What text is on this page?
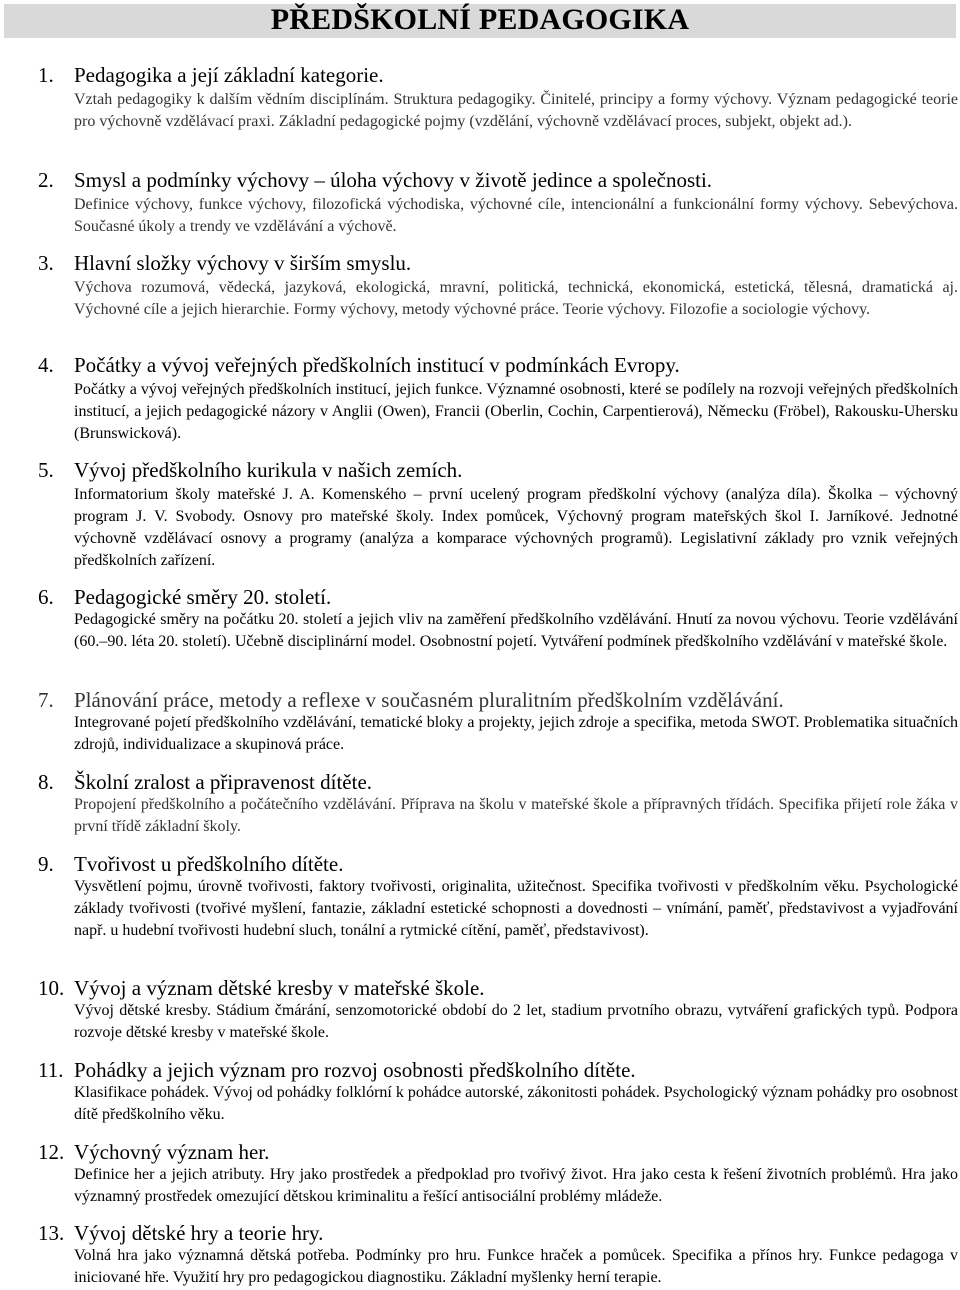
PŘEDŠKOLNÍ PEDAGOGIKA
1. Pedagogika a její základní kategorie.
Vztah pedagogiky k dalším vědním disciplínám. Struktura pedagogiky. Činitelé, principy a formy výchovy. Význam pedagogické teorie pro výchovně vzdělávací praxi. Základní pedagogické pojmy (vzdělání, výchovně vzdělávací proces, subjekt, objekt ad.).
2. Smysl a podmínky výchovy – úloha výchovy v životě jedince a společnosti.
Definice výchovy, funkce výchovy, filozofická východiska, výchovné cíle, intencionální a funkcionální formy výchovy. Sebevýchova. Současné úkoly a trendy ve vzdělávání a výchově.
3. Hlavní složky výchovy v širším smyslu.
Výchova rozumová, vědecká, jazyková, ekologická, mravní, politická, technická, ekonomická, estetická, tělesná, dramatická aj. Výchovné cíle a jejich hierarchie. Formy výchovy, metody výchovné práce. Teorie výchovy. Filozofie a sociologie výchovy.
4. Počátky a vývoj veřejných předškolních institucí v podmínkách Evropy.
Počátky a vývoj veřejných předškolních institucí, jejich funkce. Významné osobnosti, které se podílely na rozvoji veřejných předškolních institucí, a jejich pedagogické názory v Anglii (Owen), Francii (Oberlin, Cochin, Carpentierová), Německu (Fröbel), Rakousku-Uhersku (Brunswicková).
5. Vývoj předškolního kurikula v našich zemích.
Informatorium školy mateřské J. A. Komenského – první ucelený program předškolní výchovy (analýza díla). Školka – výchovný program J. V. Svobody. Osnovy pro mateřské školy. Index pomůcek, Výchovný program mateřských škol I. Jarníkové. Jednotné výchovně vzdělávací osnovy a programy (analýza a komparace výchovných programů). Legislativní základy pro vznik veřejných předškolních zařízení.
6. Pedagogické směry 20. století.
Pedagogické směry na počátku 20. století a jejich vliv na zaměření předškolního vzdělávání. Hnutí za novou výchovu. Teorie vzdělávání (60.–90. léta 20. století). Učebně disciplinární model. Osobnostní pojetí. Vytváření podmínek předškolního vzdělávání v mateřské škole.
7. Plánování práce, metody a reflexe v současném pluralitním předškolním vzdělávání.
Integrované pojetí předškolního vzdělávání, tematické bloky a projekty, jejich zdroje a specifika, metoda SWOT. Problematika situačních zdrojů, individualizace a skupinová práce.
8. Školní zralost a připravenost dítěte.
Propojení předškolního a počátečního vzdělávání. Příprava na školu v mateřské škole a přípravných třídách. Specifika přijetí role žáka v první třídě základní školy.
9. Tvořivost u předškolního dítěte.
Vysvětlení pojmu, úrovně tvořivosti, faktory tvořivosti, originalita, užitečnost. Specifika tvořivosti v předškolním věku. Psychologické základy tvořivosti (tvořivé myšlení, fantazie, základní estetické schopnosti a dovednosti – vnímání, paměť, představivost a vyjadřování např. u hudební tvořivosti hudební sluch, tonální a rytmické cítění, paměť, představivost).
10. Vývoj a význam dětské kresby v mateřské škole.
Vývoj dětské kresby. Stádium čmárání, senzomotorické období do 2 let, stadium prvotního obrazu, vytváření grafických typů. Podpora rozvoje dětské kresby v mateřské škole.
11. Pohádky a jejich význam pro rozvoj osobnosti předškolního dítěte.
Klasifikace pohádek. Vývoj od pohádky folklórní k pohádce autorské, zákonitosti pohádek. Psychologický význam pohádky pro osobnost dítě předškolního věku.
12. Výchovný význam her.
Definice her a jejich atributy. Hry jako prostředek a předpoklad pro tvořivý život. Hra jako cesta k řešení životních problémů. Hra jako významný prostředek omezující dětskou kriminalitu a řešící antisociální problémy mládeže.
13. Vývoj dětské hry a teorie hry.
Volná hra jako významná dětská potřeba. Podmínky pro hru. Funkce hraček a pomůcek. Specifika a přínos hry. Funkce pedagoga v iniciované hře. Využití hry pro pedagogickou diagnostiku. Základní myšlenky herní terapie.
